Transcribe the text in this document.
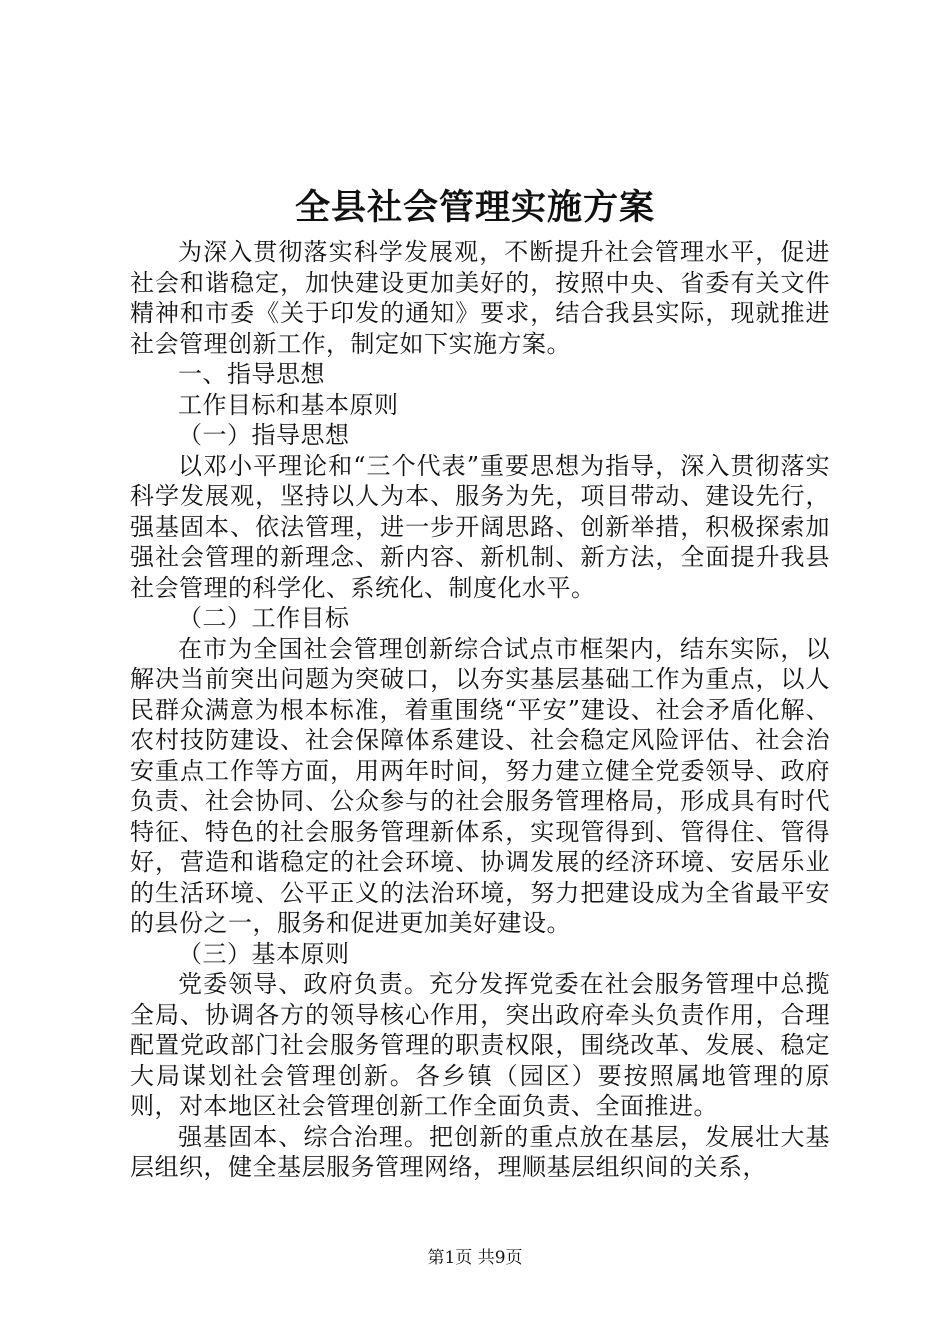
全县社会管理实施方案

为深入贯彻落实科学发展观，不断提升社会管理水平，促进社会和谐稳定，加快建设更加美好的，按照中央、省委有关文件精神和市委《关于印发的通知》要求，结合我县实际，现就推进社会管理创新工作，制定如下实施方案。

一、指导思想

工作目标和基本原则

（一）指导思想

以邓小平理论和“三个代表”重要思想为指导，深入贯彻落实科学发展观，坚持以人为本、服务为先，项目带动、建设先行，强基固本、依法管理，进一步开阔思路、创新举措，积极探索加强社会管理的新理念、新内容、新机制、新方法，全面提升我县社会管理的科学化、系统化、制度化水平。

（二）工作目标

在市为全国社会管理创新综合试点市框架内，结东实际，以解决当前突出问题为突破口，以夯实基层基础工作为重点，以人民群众满意为根本标准，着重围绕“平安”建设、社会矛盾化解、农村技防建设、社会保障体系建设、社会稳定风险评估、社会治安重点工作等方面，用两年时间，努力建立健全党委领导、政府负责、社会协同、公众参与的社会服务管理格局，形成具有时代特征、特色的社会服务管理新体系，实现管得到、管得住、管得好，营造和谐稳定的社会环境、协调发展的经济环境、安居乐业的生活环境、公平正义的法治环境，努力把建设成为全省最平安的县份之一，服务和促进更加美好建设。

（三）基本原则

党委领导、政府负责。充分发挥党委在社会服务管理中总揽全局、协调各方的领导核心作用，突出政府牵头负责作用，合理配置党政部门社会服务管理的职责权限，围绕改革、发展、稳定大局谋划社会管理创新。各乡镇（园区）要按照属地管理的原则，对本地区社会管理创新工作全面负责、全面推进。

强基固本、综合治理。把创新的重点放在基层，发展壮大基层组织，健全基层服务管理网络，理顺基层组织间的关系，

第1页 共9页
